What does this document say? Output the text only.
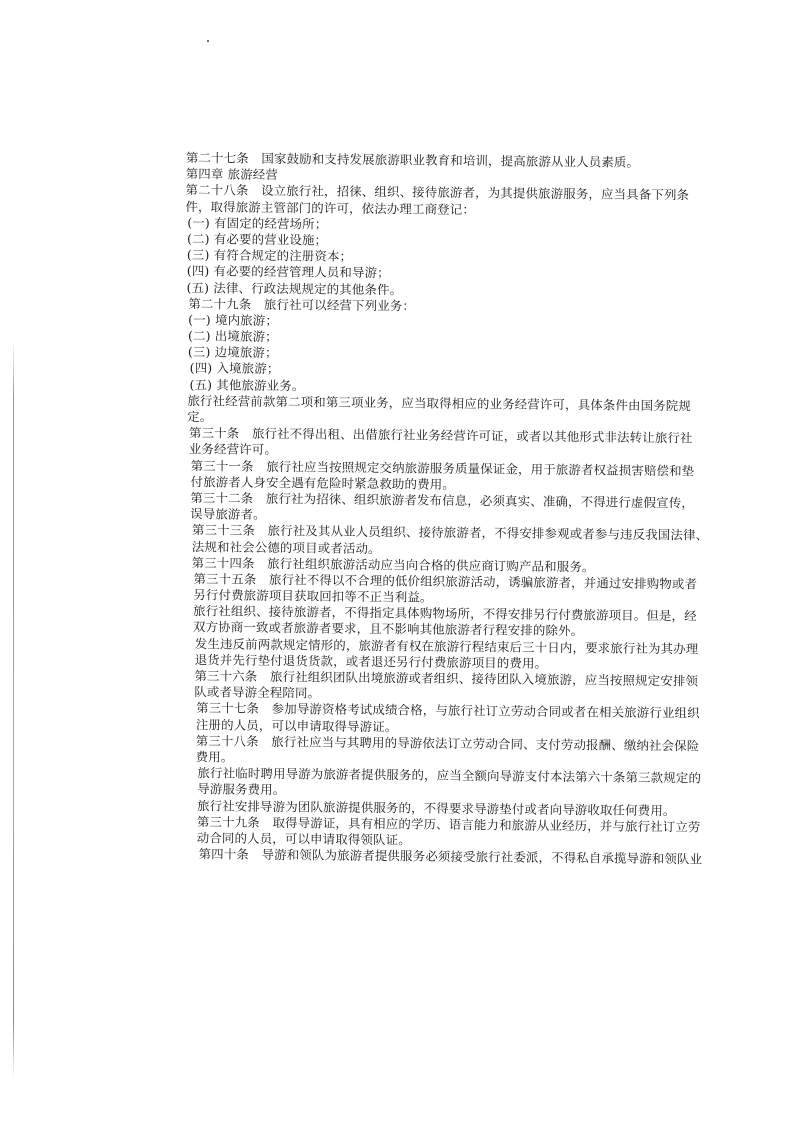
第二十七条　国家鼓励和支持发展旅游职业教育和培训，提高旅游从业人员素质。
第四章 旅游经营
第二十八条　设立旅行社，招徕、组织、接待旅游者，为其提供旅游服务，应当具备下列条
件，取得旅游主管部门的许可，依法办理工商登记：
(一) 有固定的经营场所；
(二) 有必要的营业设施；
(三) 有符合规定的注册资本；
(四) 有必要的经营管理人员和导游；
(五) 法律、行政法规规定的其他条件。
第二十九条　旅行社可以经营下列业务：
(一) 境内旅游；
(二) 出境旅游；
(三) 边境旅游；
(四) 入境旅游；
(五) 其他旅游业务。
旅行社经营前款第二项和第三项业务，应当取得相应的业务经营许可，具体条件由国务院规
定。
第三十条　旅行社不得出租、出借旅行社业务经营许可证，或者以其他形式非法转让旅行社
业务经营许可。
第三十一条　旅行社应当按照规定交纳旅游服务质量保证金，用于旅游者权益损害赔偿和垫
付旅游者人身安全遇有危险时紧急救助的费用。
第三十二条　旅行社为招徕、组织旅游者发布信息，必须真实、准确，不得进行虚假宣传，
误导旅游者。
第三十三条　旅行社及其从业人员组织、接待旅游者，不得安排参观或者参与违反我国法律、
法规和社会公德的项目或者活动。
第三十四条　旅行社组织旅游活动应当向合格的供应商订购产品和服务。
第三十五条　旅行社不得以不合理的低价组织旅游活动，诱骗旅游者，并通过安排购物或者
另行付费旅游项目获取回扣等不正当利益。
旅行社组织、接待旅游者，不得指定具体购物场所，不得安排另行付费旅游项目。但是，经
双方协商一致或者旅游者要求，且不影响其他旅游者行程安排的除外。
发生违反前两款规定情形的，旅游者有权在旅游行程结束后三十日内，要求旅行社为其办理
退货并先行垫付退货货款，或者退还另行付费旅游项目的费用。
第三十六条　旅行社组织团队出境旅游或者组织、接待团队入境旅游，应当按照规定安排领
队或者导游全程陪同。
第三十七条　参加导游资格考试成绩合格，与旅行社订立劳动合同或者在相关旅游行业组织
注册的人员，可以申请取得导游证。
第三十八条　旅行社应当与其聘用的导游依法订立劳动合同、支付劳动报酬、缴纳社会保险
费用。
旅行社临时聘用导游为旅游者提供服务的，应当全额向导游支付本法第六十条第三款规定的
导游服务费用。
旅行社安排导游为团队旅游提供服务的，不得要求导游垫付或者向导游收取任何费用。
第三十九条　取得导游证，具有相应的学历、语言能力和旅游从业经历，并与旅行社订立劳
动合同的人员，可以申请取得领队证。
第四十条　导游和领队为旅游者提供服务必须接受旅行社委派，不得私自承揽导游和领队业
